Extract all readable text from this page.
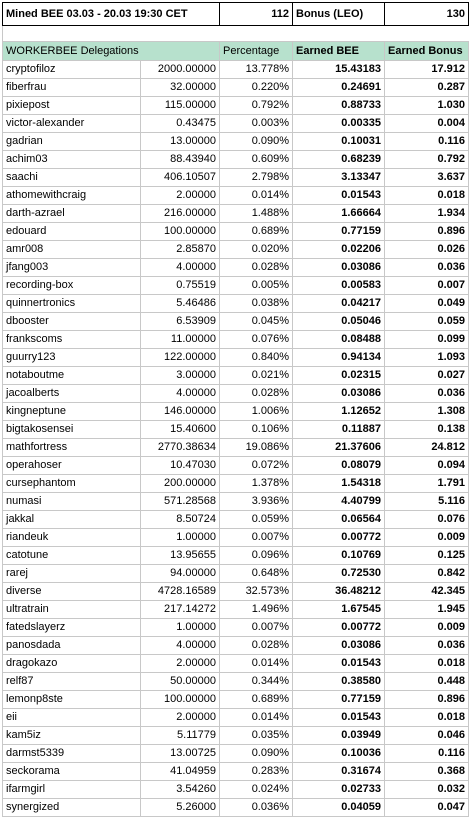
Mined BEE 03.03 - 20.03 19:30 CET		112	Bonus (LEO)	130

WORKERBEE Delegations		Percentage	Earned BEE	Earned Bonus
cryptofiloz	2000.00000	13.778%	15.43183	17.912
fiberfrau	32.00000	0.220%	0.24691	0.287
pixiepost	115.00000	0.792%	0.88733	1.030
victor-alexander	0.43475	0.003%	0.00335	0.004
gadrian	13.00000	0.090%	0.10031	0.116
achim03	88.43940	0.609%	0.68239	0.792
saachi	406.10507	2.798%	3.13347	3.637
athomewithcraig	2.00000	0.014%	0.01543	0.018
darth-azrael	216.00000	1.488%	1.66664	1.934
edouard	100.00000	0.689%	0.77159	0.896
amr008	2.85870	0.020%	0.02206	0.026
jfang003	4.00000	0.028%	0.03086	0.036
recording-box	0.75519	0.005%	0.00583	0.007
quinnertronics	5.46486	0.038%	0.04217	0.049
dbooster	6.53909	0.045%	0.05046	0.059
frankscoms	11.00000	0.076%	0.08488	0.099
guurry123	122.00000	0.840%	0.94134	1.093
notaboutme	3.00000	0.021%	0.02315	0.027
jacoalberts	4.00000	0.028%	0.03086	0.036
kingneptune	146.00000	1.006%	1.12652	1.308
bigtakosensei	15.40600	0.106%	0.11887	0.138
mathfortress	2770.38634	19.086%	21.37606	24.812
operahoser	10.47030	0.072%	0.08079	0.094
cursephantom	200.00000	1.378%	1.54318	1.791
numasi	571.28568	3.936%	4.40799	5.116
jakkal	8.50724	0.059%	0.06564	0.076
riandeuk	1.00000	0.007%	0.00772	0.009
catotune	13.95655	0.096%	0.10769	0.125
rarej	94.00000	0.648%	0.72530	0.842
diverse	4728.16589	32.573%	36.48212	42.345
ultratrain	217.14272	1.496%	1.67545	1.945
fatedslayerz	1.00000	0.007%	0.00772	0.009
panosdada	4.00000	0.028%	0.03086	0.036
dragokazo	2.00000	0.014%	0.01543	0.018
relf87	50.00000	0.344%	0.38580	0.448
lemonp8ste	100.00000	0.689%	0.77159	0.896
eii	2.00000	0.014%	0.01543	0.018
kam5iz	5.11779	0.035%	0.03949	0.046
darmst5339	13.00725	0.090%	0.10036	0.116
seckorama	41.04959	0.283%	0.31674	0.368
ifarmgirl	3.54260	0.024%	0.02733	0.032
synergized	5.26000	0.036%	0.04059	0.047
